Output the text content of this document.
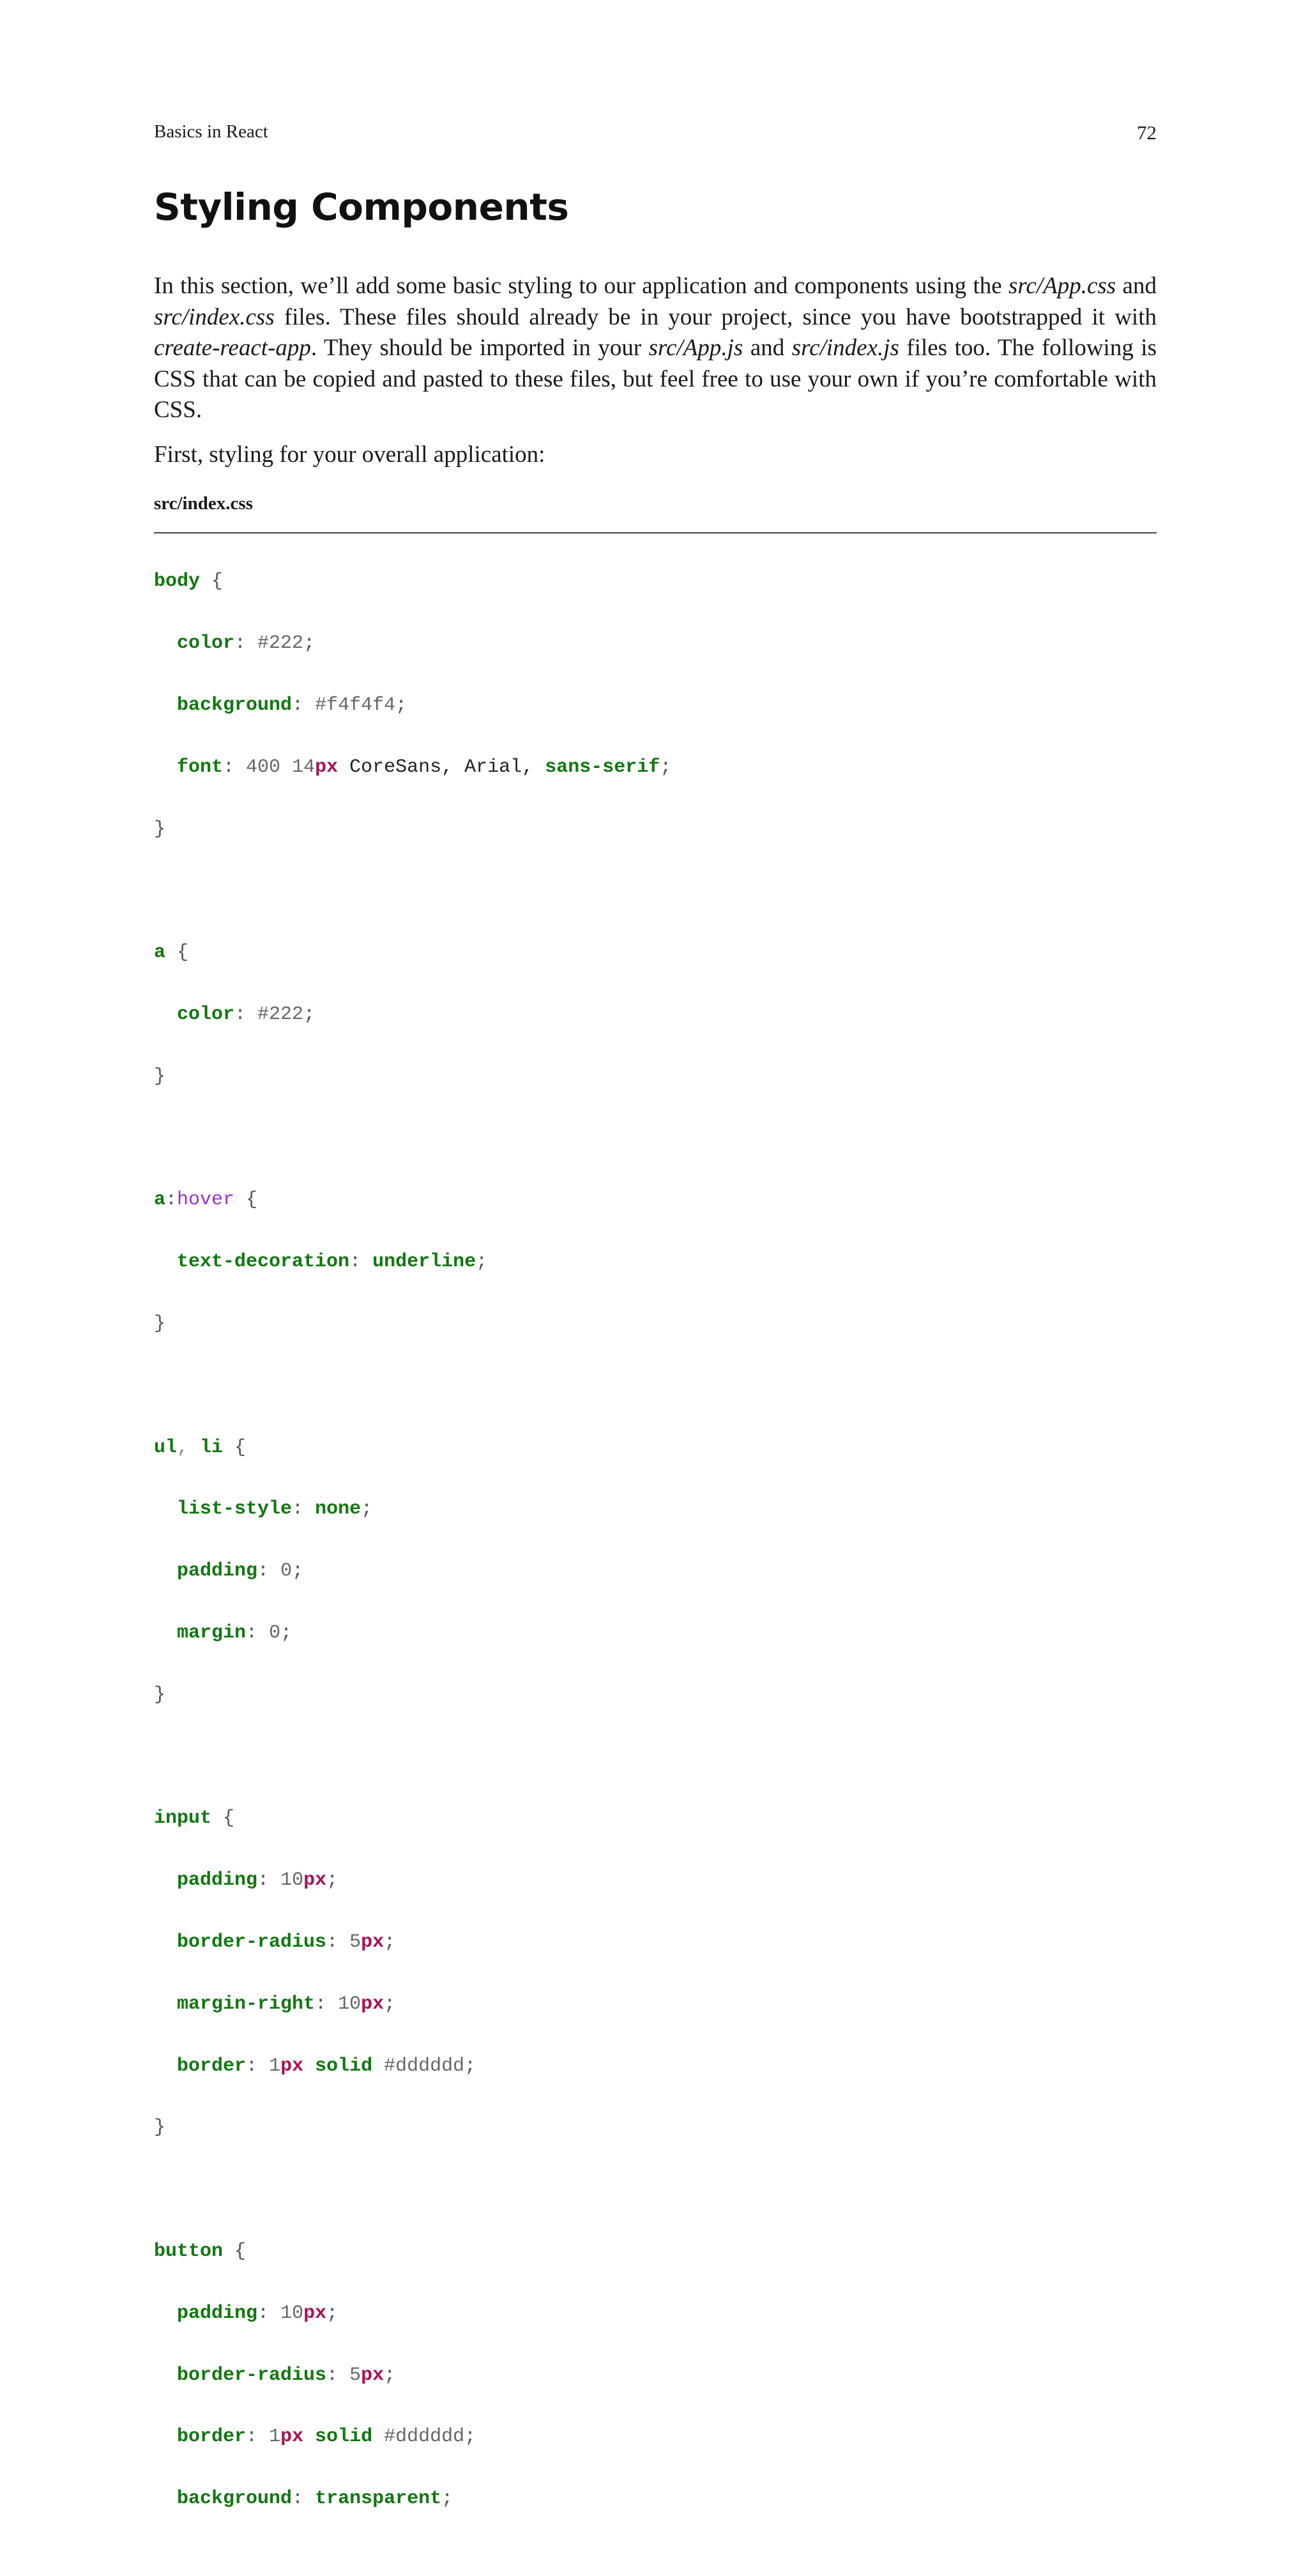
Basics in React	72
Styling Components

In this section, we’ll add some basic styling to our application and components using the src/App.css and src/index.css files. These files should already be in your project, since you have bootstrapped it with create-react-app. They should be imported in your src/App.js and src/index.js files too. The following is CSS that can be copied and pasted to these files, but feel free to use your own if you’re comfortable with CSS.

First, styling for your overall application:

src/index.css

body {

color: #222;

background: #f4f4f4;

font: 400 14px CoreSans, Arial, sans-serif;

}

a {

color: #222;

}

a:hover {

text-decoration: underline;

}

ul, li {

list-style: none;

padding: 0;

margin: 0;

}

input {

padding: 10px;

border-radius: 5px;

margin-right: 10px;

border: 1px solid #dddddd;

}

button {

padding: 10px;

border-radius: 5px;

border: 1px solid #dddddd;

background: transparent;
